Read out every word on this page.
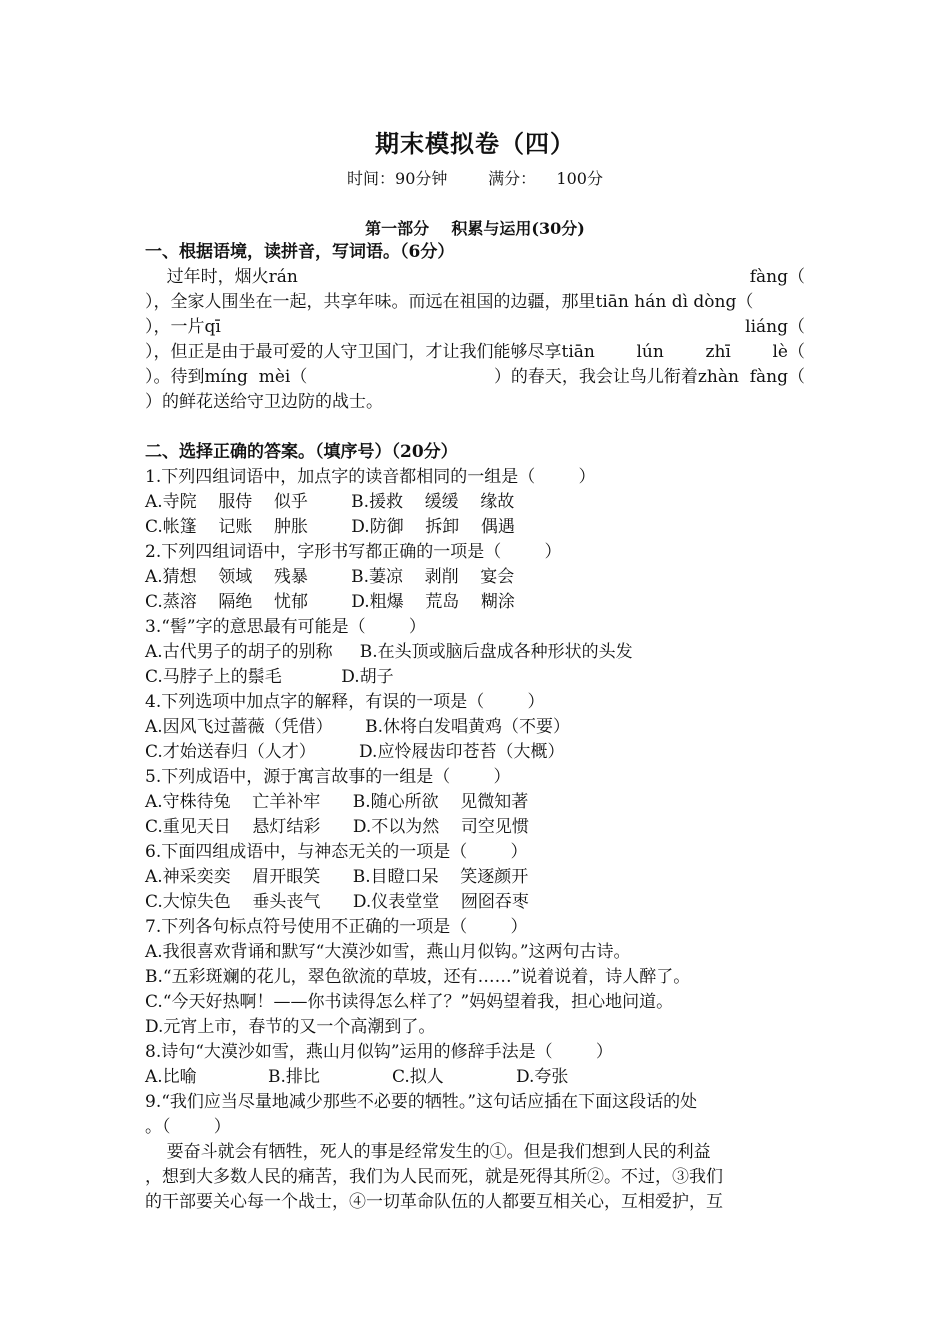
期末模拟卷（四）
时间：90分钟        满分：    100分
第一部分    积累与运用(30分)
一、根据语境，读拼音，写词语。（6分）
过年时，烟火rán	fàng（
），全家人围坐在一起，共享年味。而远在祖国的边疆，那里tiān hán dì dòng（
），一片qī	liáng（
），但正是由于最可爱的人守卫国门，才让我们能够尽享tiān lún zhī lè（
）。待到míng  mèi（	）的春天，我会让鸟儿衔着zhàn  fàng（
）的鲜花送给守卫边防的战士。
二、选择正确的答案。（填序号）（20分）
1.下列四组词语中，加点字的读音都相同的一组是（        ）
A.寺院    服侍    似乎        B.援救    缓缓    缘故
C.帐篷    记账    肿胀        D.防御    拆卸    偶遇
2.下列四组词语中，字形书写都正确的一项是（        ）
A.猜想    领域    残暴        B.萋凉    剥削    宴会
C.蒸溶    隔绝    忧郁        D.粗爆    荒岛    糊涂
3.“髻”字的意思最有可能是（        ）
A.古代男子的胡子的别称     B.在头顶或脑后盘成各种形状的头发
C.马脖子上的鬃毛           D.胡子
4.下列选项中加点字的解释，有误的一项是（        ）
A.因风飞过蔷薇（凭借）      B.休将白发唱黄鸡（不要）
C.才始送春归（人才）        D.应怜屐齿印苍苔（大概）
5.下列成语中，源于寓言故事的一组是（        ）
A.守株待兔    亡羊补牢      B.随心所欲    见微知著
C.重见天日    悬灯结彩      D.不以为然    司空见惯
6.下面四组成语中，与神态无关的一项是（        ）
A.神采奕奕    眉开眼笑      B.目瞪口呆    笑逐颜开
C.大惊失色    垂头丧气      D.仪表堂堂    囫囵吞枣
7.下列各句标点符号使用不正确的一项是（        ）
A.我很喜欢背诵和默写“大漠沙如雪，燕山月似钩。”这两句古诗。
B.“五彩斑斓的花儿，翠色欲流的草坡，还有……”说着说着，诗人醉了。
C.“今天好热啊！——你书读得怎么样了？”妈妈望着我，担心地问道。
D.元宵上市，春节的又一个高潮到了。
8.诗句“大漠沙如雪，燕山月似钩”运用的修辞手法是（        ）
A.比喻	B.排比	C.拟人	D.夸张
9.“我们应当尽量地减少那些不必要的牺牲。”这句话应插在下面这段话的处
。（        ）
要奋斗就会有牺牲，死人的事是经常发生的①。但是我们想到人民的利益
，想到大多数人民的痛苦，我们为人民而死，就是死得其所②。不过，③我们
的干部要关心每一个战士，④一切革命队伍的人都要互相关心，互相爱护，互
